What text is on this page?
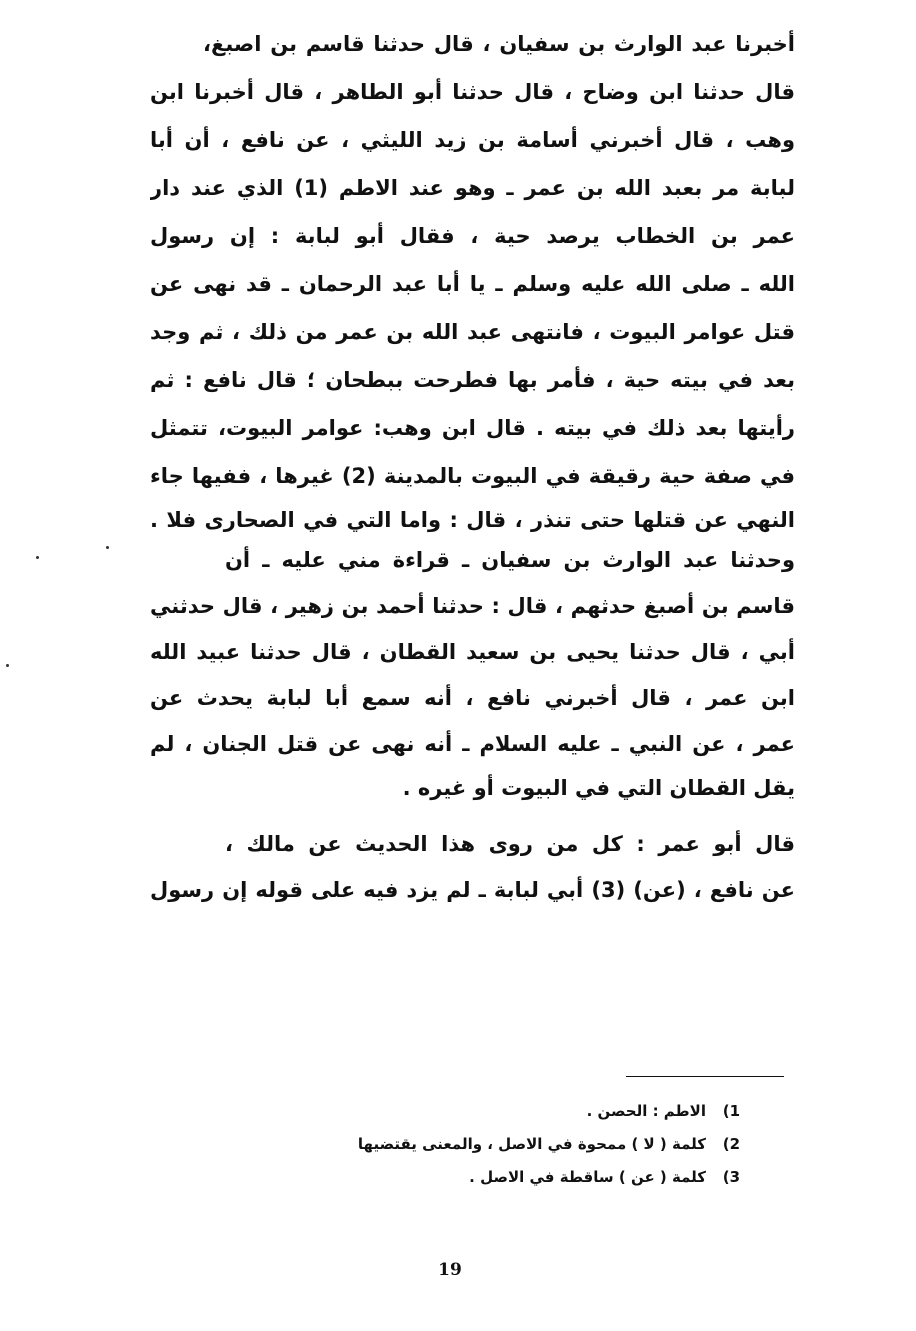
أخبرنا عبد الوارث بن سفيان ، قال حدثنا قاسم بن اصبغ،
قال حدثنا ابن وضاح ، قال حدثنا أبو الطاهر ، قال أخبرنا ابن
وهب ، قال أخبرني أسامة بن زيد الليثي ، عن نافع ، أن أبا
لبابة مر بعبد الله بن عمر ـ وهو عند الاطم (1) الذي عند دار
عمر بن الخطاب يرصد حية ، فقال أبو لبابة : إن رسول
الله ـ صلى الله عليه وسلم ـ يا أبا عبد الرحمان ـ قد نهى عن
قتل عوامر البيوت ، فانتهى عبد الله بن عمر من ذلك ، ثم وجد
بعد في بيته حية ، فأمر بها فطرحت ببطحان ؛ قال نافع : ثم
رأيتها بعد ذلك في بيته . قال ابن وهب: عوامر البيوت، تتمثل
في صفة حية رقيقة في البيوت بالمدينة (2) غيرها ، ففيها جاء
النهي عن قتلها حتى تنذر ، قال : واما التي في الصحارى فلا .
وحدثنا عبد الوارث بن سفيان ـ قراءة مني عليه ـ أن
قاسم بن أصبغ حدثهم ، قال : حدثنا أحمد بن زهير ، قال حدثني
أبي ، قال حدثنا يحيى بن سعيد القطان ، قال حدثنا عبيد الله
ابن عمر ، قال أخبرني نافع ، أنه سمع أبا لبابة يحدث عن
عمر ، عن النبي ـ عليه السلام ـ أنه نهى عن قتل الجنان ، لم
يقل القطان التي في البيوت أو غيره .
قال أبو عمر : كل من روى هذا الحديث عن مالك ،
عن نافع ، (عن) (3) أبي لبابة ـ لم يزد فيه على قوله إن رسول
1)الاطم : الحصن .
2)كلمة ( لا ) ممحوة في الاصل ، والمعنى يقتضيها
3)كلمة ( عن ) ساقطة في الاصل .
19
